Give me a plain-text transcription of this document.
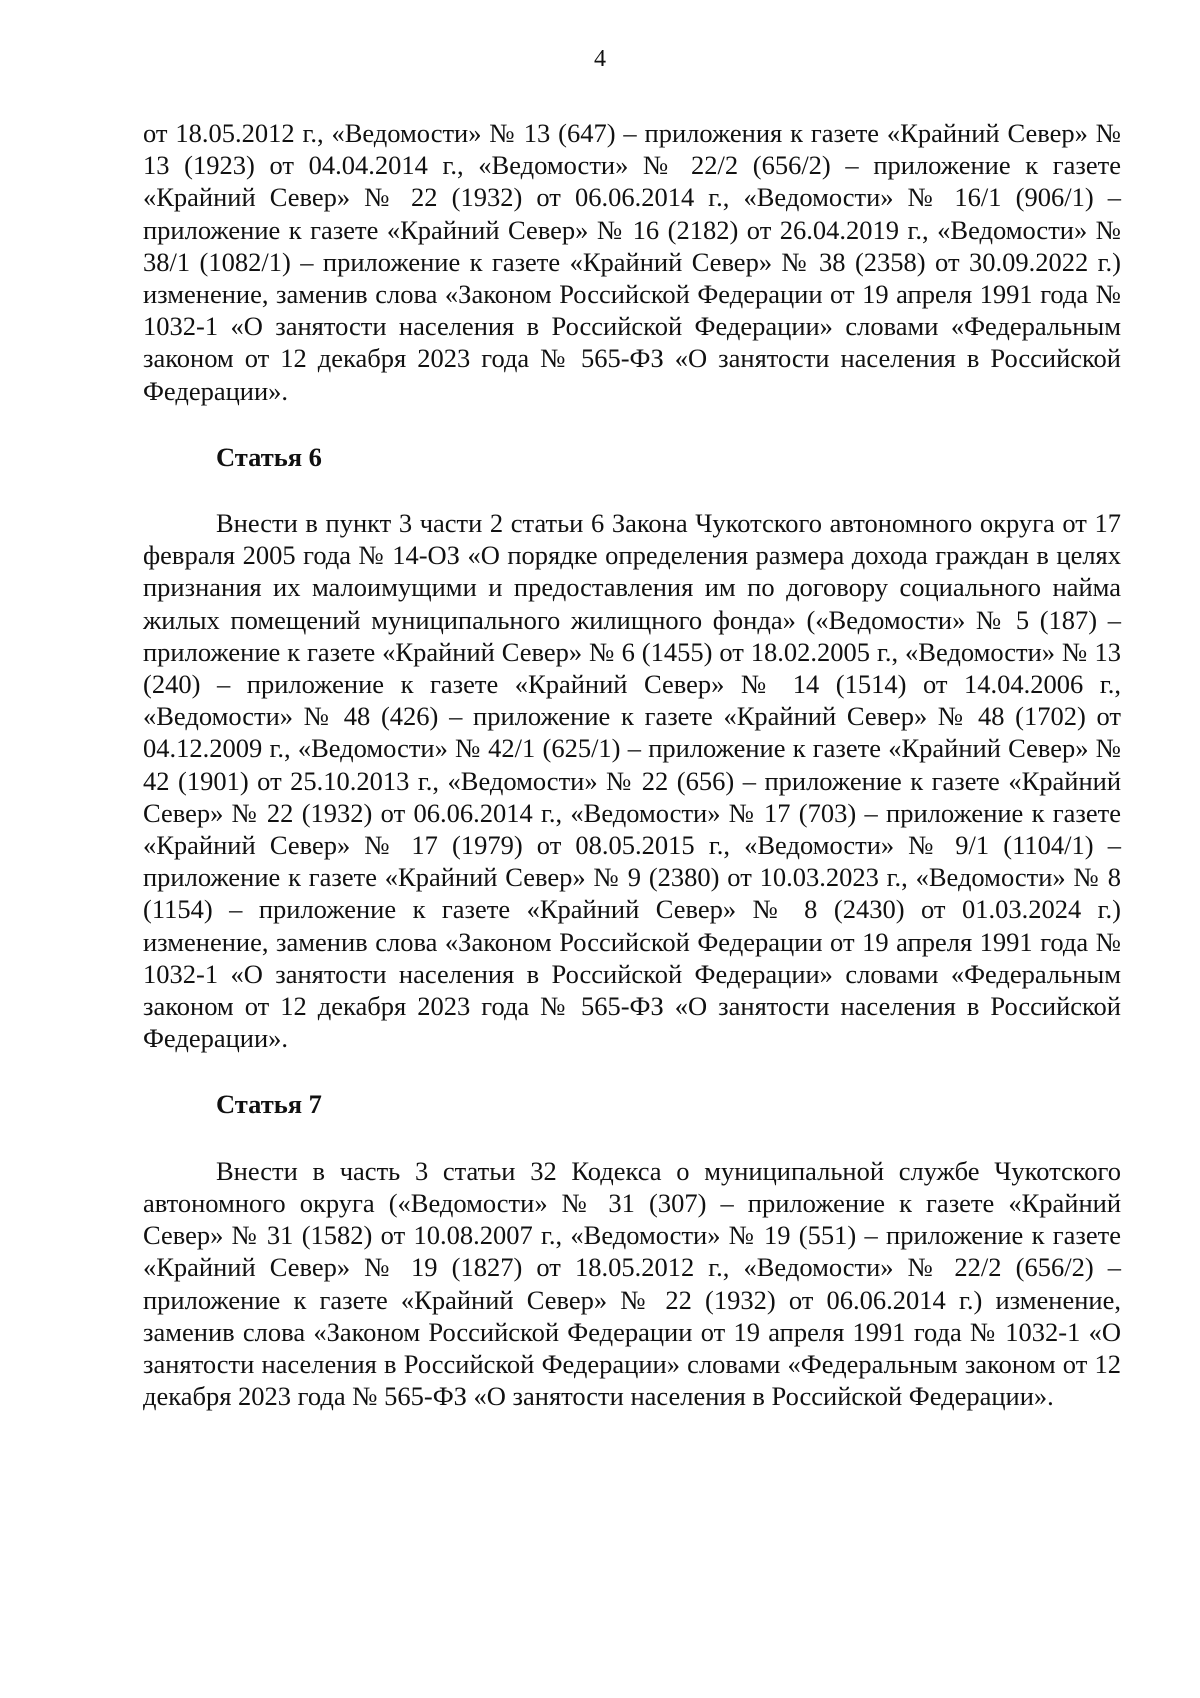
4

от 18.05.2012 г., «Ведомости» № 13 (647) – приложения к газете «Крайний Север» № 13 (1923) от 04.04.2014 г., «Ведомости» № 22/2 (656/2) – приложение к газете «Крайний Север» № 22 (1932) от 06.06.2014 г., «Ведомости» № 16/1 (906/1) – приложение к газете «Крайний Север» № 16 (2182) от 26.04.2019 г., «Ведомости» № 38/1 (1082/1) – приложение к газете «Крайний Север» № 38 (2358) от 30.09.2022 г.) изменение, заменив слова «Законом Российской Федерации от 19 апреля 1991 года № 1032-1 «О занятости населения в Российской Федерации» словами «Федеральным законом от 12 декабря 2023 года № 565-ФЗ «О занятости населения в Российской Федерации».

Статья 6

Внести в пункт 3 части 2 статьи 6 Закона Чукотского автономного округа от 17 февраля 2005 года № 14-ОЗ «О порядке определения размера дохода граждан в целях признания их малоимущими и предоставления им по договору социального найма жилых помещений муниципального жилищного фонда» («Ведомости» № 5 (187) – приложение к газете «Крайний Север» № 6 (1455) от 18.02.2005 г., «Ведомости» № 13 (240) – приложение к газете «Крайний Север» № 14 (1514) от 14.04.2006 г., «Ведомости» № 48 (426) – приложение к газете «Крайний Север» № 48 (1702) от 04.12.2009 г., «Ведомости» № 42/1 (625/1) – приложение к газете «Крайний Север» № 42 (1901) от 25.10.2013 г., «Ведомости» № 22 (656) – приложение к газете «Крайний Север» № 22 (1932) от 06.06.2014 г., «Ведомости» № 17 (703) – приложение к газете «Крайний Север» № 17 (1979) от 08.05.2015 г., «Ведомости» № 9/1 (1104/1) – приложение к газете «Крайний Север» № 9 (2380) от 10.03.2023 г., «Ведомости» № 8 (1154) – приложение к газете «Крайний Север» № 8 (2430) от 01.03.2024 г.) изменение, заменив слова «Законом Российской Федерации от 19 апреля 1991 года № 1032-1 «О занятости населения в Российской Федерации» словами «Федеральным законом от 12 декабря 2023 года № 565-ФЗ «О занятости населения в Российской Федерации».

Статья 7

Внести в часть 3 статьи 32 Кодекса о муниципальной службе Чукотского автономного округа («Ведомости» № 31 (307) – приложение к газете «Крайний Север» № 31 (1582) от 10.08.2007 г., «Ведомости» № 19 (551) – приложение к газете «Крайний Север» № 19 (1827) от 18.05.2012 г., «Ведомости» № 22/2 (656/2) – приложение к газете «Крайний Север» № 22 (1932) от 06.06.2014 г.) изменение, заменив слова «Законом Российской Федерации от 19 апреля 1991 года № 1032-1 «О занятости населения в Российской Федерации» словами «Федеральным законом от 12 декабря 2023 года № 565-ФЗ «О занятости населения в Российской Федерации».
